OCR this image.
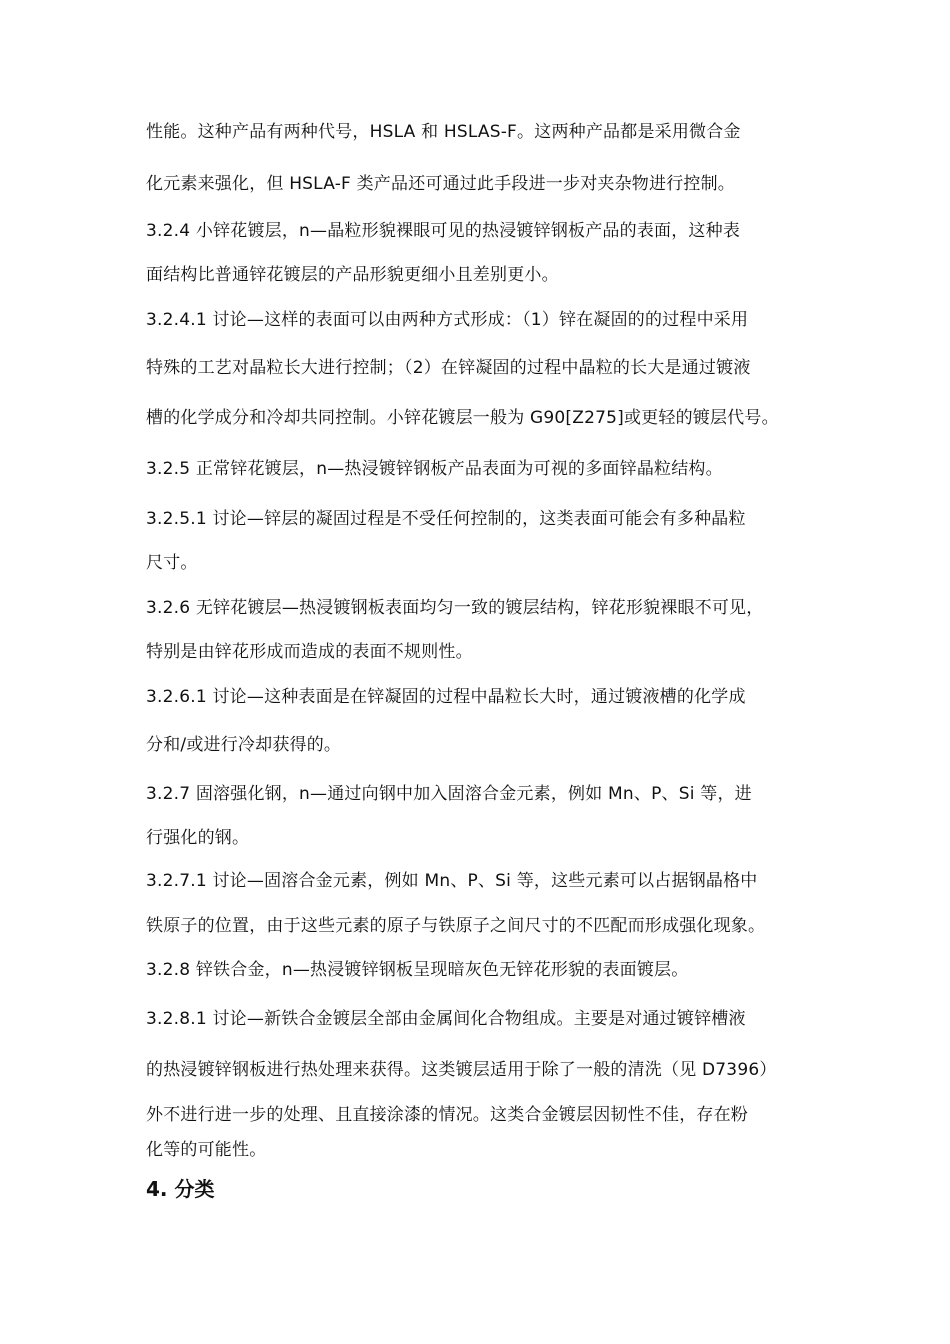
性能。这种产品有两种代号，HSLA 和 HSLAS-F。这两种产品都是采用微合金
化元素来强化，但 HSLA-F 类产品还可通过此手段进一步对夹杂物进行控制。
3.2.4 小锌花镀层，n—晶粒形貌裸眼可见的热浸镀锌钢板产品的表面，这种表
面结构比普通锌花镀层的产品形貌更细小且差别更小。
3.2.4.1 讨论—这样的表面可以由两种方式形成：（1）锌在凝固的的过程中采用
特殊的工艺对晶粒长大进行控制；（2）在锌凝固的过程中晶粒的长大是通过镀液
槽的化学成分和冷却共同控制。小锌花镀层一般为 G90[Z275]或更轻的镀层代号。
3.2.5 正常锌花镀层，n—热浸镀锌钢板产品表面为可视的多面锌晶粒结构。
3.2.5.1 讨论—锌层的凝固过程是不受任何控制的，这类表面可能会有多种晶粒
尺寸。
3.2.6 无锌花镀层—热浸镀钢板表面均匀一致的镀层结构，锌花形貌裸眼不可见，
特别是由锌花形成而造成的表面不规则性。
3.2.6.1 讨论—这种表面是在锌凝固的过程中晶粒长大时，通过镀液槽的化学成
分和/或进行冷却获得的。
3.2.7 固溶强化钢，n—通过向钢中加入固溶合金元素，例如 Mn、P、Si 等，进
行强化的钢。
3.2.7.1 讨论—固溶合金元素，例如 Mn、P、Si 等，这些元素可以占据钢晶格中
铁原子的位置，由于这些元素的原子与铁原子之间尺寸的不匹配而形成强化现象。
3.2.8 锌铁合金，n—热浸镀锌钢板呈现暗灰色无锌花形貌的表面镀层。
3.2.8.1 讨论—新铁合金镀层全部由金属间化合物组成。主要是对通过镀锌槽液
的热浸镀锌钢板进行热处理来获得。这类镀层适用于除了一般的清洗（见 D7396）
外不进行进一步的处理、且直接涂漆的情况。这类合金镀层因韧性不佳，存在粉
化等的可能性。
4. 分类
